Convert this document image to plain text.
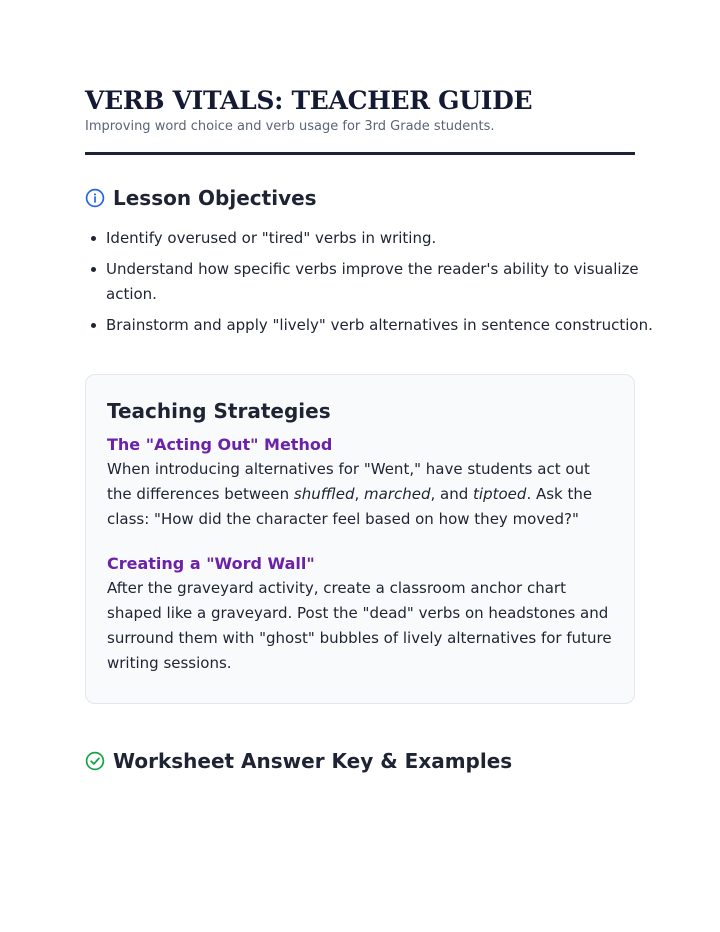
VERB VITALS: TEACHER GUIDE

Improving word choice and verb usage for 3rd Grade students.

Lesson Objectives
Identify overused or "tired" verbs in writing.
Understand how specific verbs improve the reader's ability to visualize action.
Brainstorm and apply "lively" verb alternatives in sentence construction.
Teaching Strategies
The "Acting Out" Method

When introducing alternatives for "Went," have students act out the differences between shuffled, marched, and tiptoed. Ask the class: "How did the character feel based on how they moved?"

Creating a "Word Wall"

After the graveyard activity, create a classroom anchor chart shaped like a graveyard. Post the "dead" verbs on headstones and surround them with "ghost" bubbles of lively alternatives for future writing sessions.

Worksheet Answer Key & Examples
